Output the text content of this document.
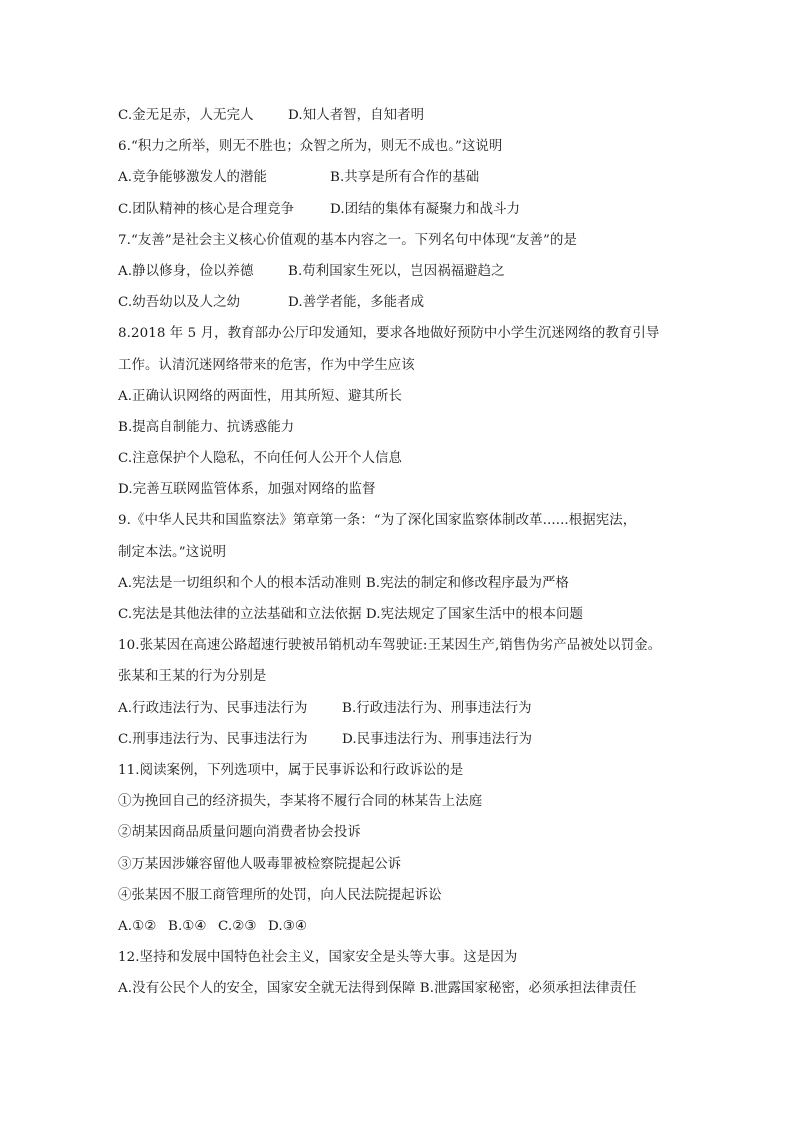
C.金无足赤，人无完人	D.知人者智，自知者明
6.“积力之所举，则无不胜也；众智之所为，则无不成也。”这说明
A.竞争能够激发人的潜能	B.共享是所有合作的基础
C.团队精神的核心是合理竞争	D.团结的集体有凝聚力和战斗力
7.“友善”是社会主义核心价值观的基本内容之一。下列名句中体现“友善”的是
A.静以修身，俭以养德	B.苟利国家生死以，岂因祸福避趋之
C.幼吾幼以及人之幼	D.善学者能，多能者成
8.2018 年 5 月，教育部办公厅印发通知，要求各地做好预防中小学生沉迷网络的教育引导
工作。认清沉迷网络带来的危害，作为中学生应该
A.正确认识网络的两面性，用其所短、避其所长
B.提高自制能力、抗诱惑能力
C.注意保护个人隐私，不向任何人公开个人信息
D.完善互联网监管体系，加强对网络的监督
9.《中华人民共和国监察法》第章第一条：“为了深化国家监察体制改革......根据宪法，
制定本法。”这说明
A.宪法是一切组织和个人的根本活动准则 B.宪法的制定和修改程序最为严格
C.宪法是其他法律的立法基础和立法依据 D.宪法规定了国家生活中的根本问题
10.张某因在高速公路超速行驶被吊销机动车驾驶证:王某因生产,销售伪劣产品被处以罚金。
张某和王某的行为分别是
A.行政违法行为、民事违法行为	B.行政违法行为、刑事违法行为
C.刑事违法行为、民事违法行为	D.民事违法行为、刑事违法行为
11.阅读案例，下列选项中，属于民事诉讼和行政诉讼的是
①为挽回自己的经济损失，李某将不履行合同的林某告上法庭
②胡某因商品质量问题向消费者协会投诉
③万某因涉嫌容留他人吸毒罪被检察院提起公诉
④张某因不服工商管理所的处罚，向人民法院提起诉讼
A.①② B.①④ C.②③ D.③④
12.坚持和发展中国特色社会主义，国家安全是头等大事。这是因为
A.没有公民个人的安全，国家安全就无法得到保障 B.泄露国家秘密，必须承担法律责任
